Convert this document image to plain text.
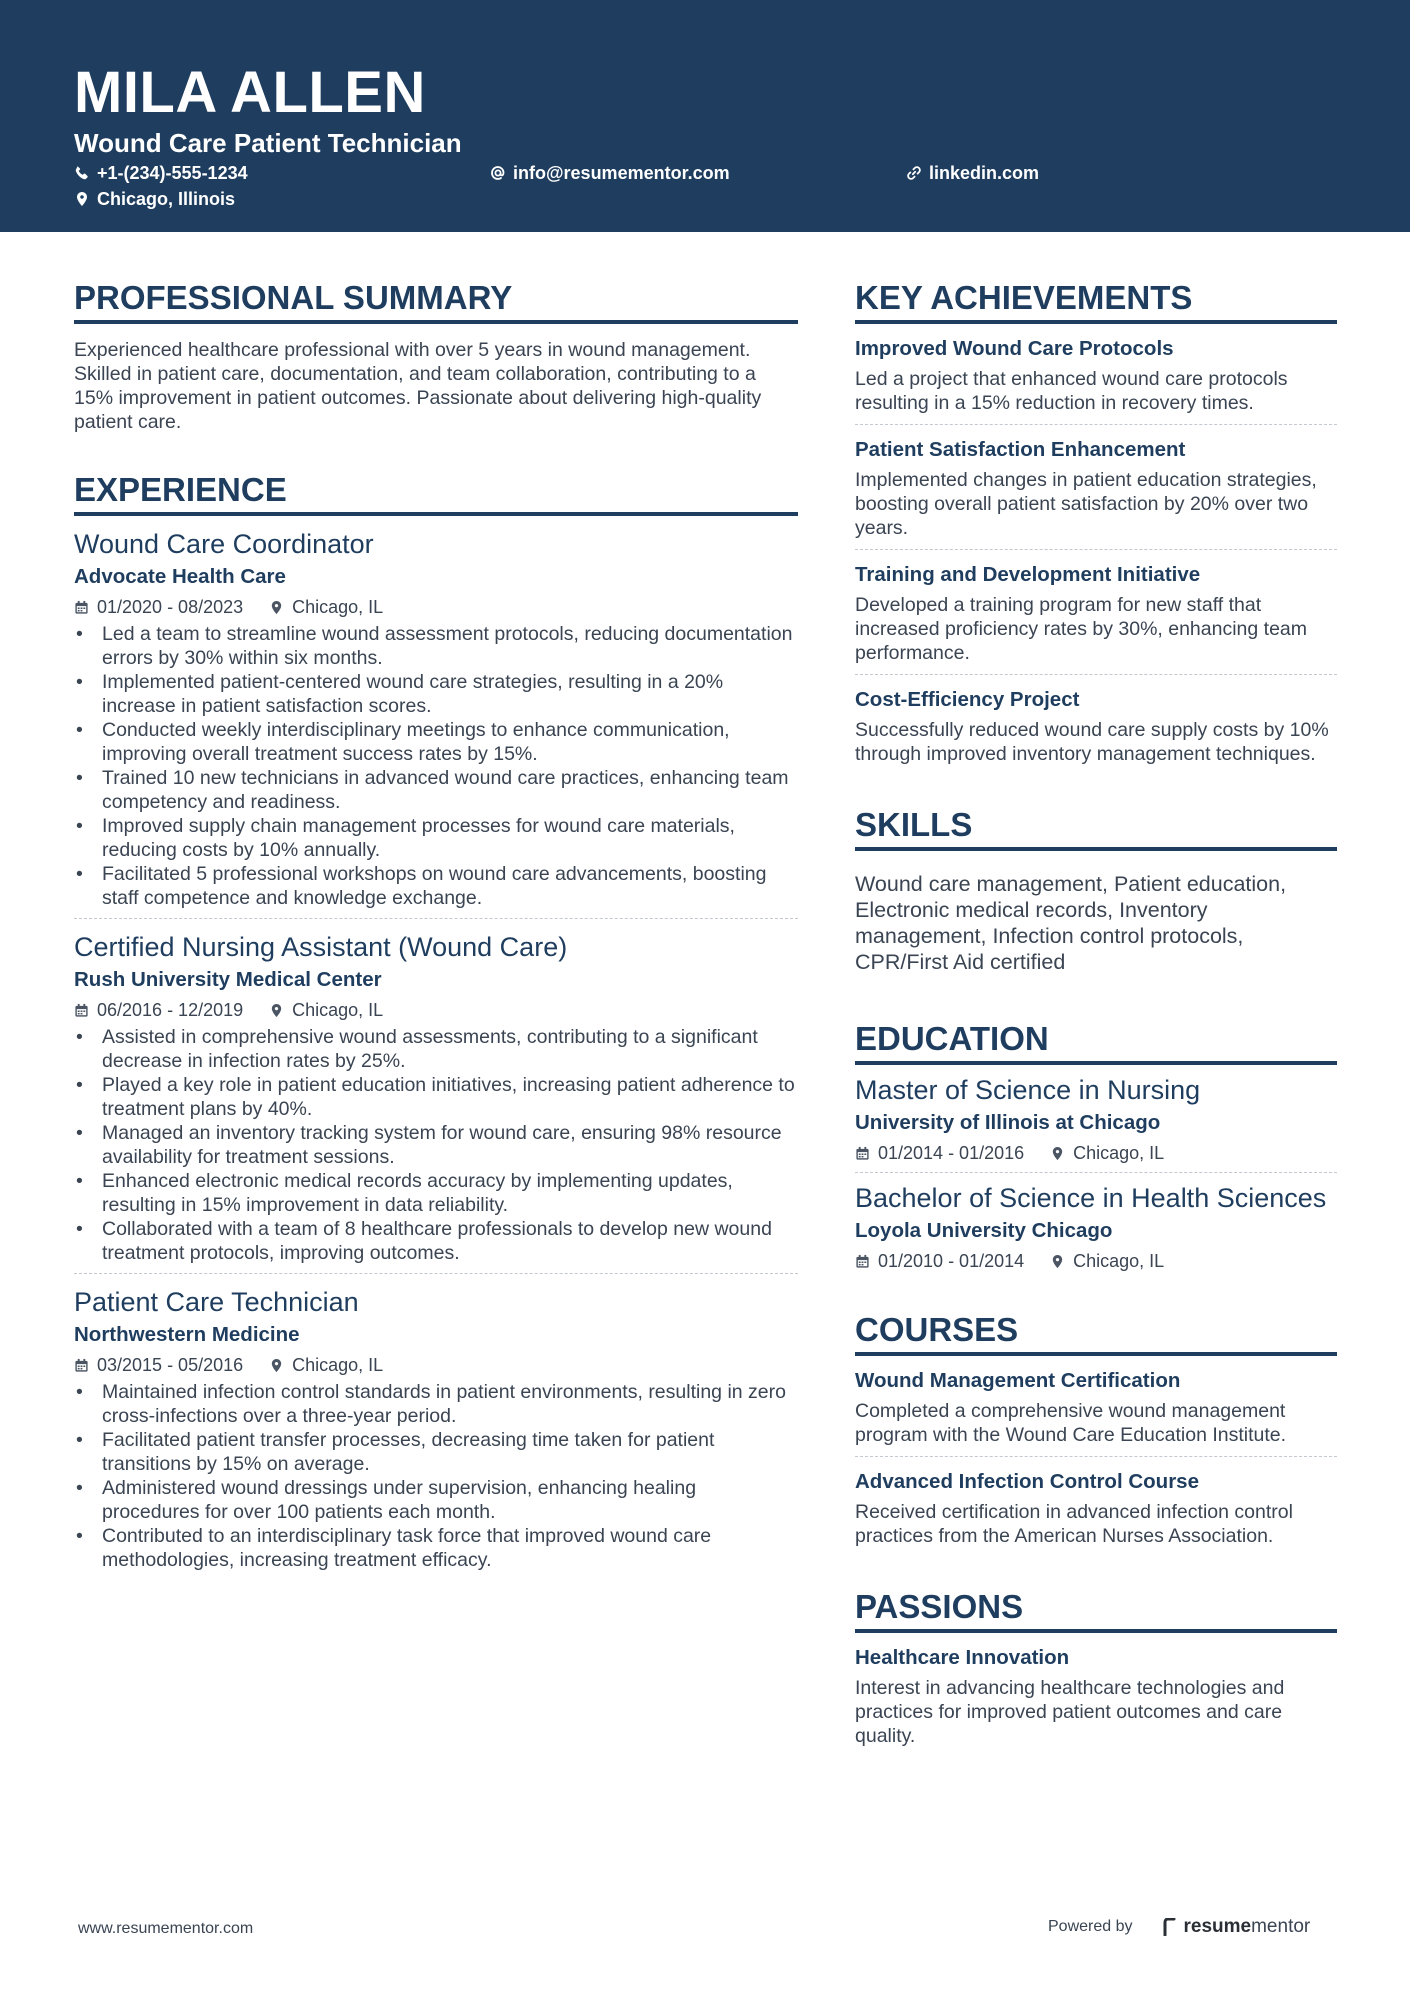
MILA ALLEN
Wound Care Patient Technician
+1-(234)-555-1234	info@resumementor.com	linkedin.com
Chicago, Illinois
PROFESSIONAL SUMMARY
Experienced healthcare professional with over 5 years in wound management. Skilled in patient care, documentation, and team collaboration, contributing to a 15% improvement in patient outcomes. Passionate about delivering high-quality patient care.
EXPERIENCE
Wound Care Coordinator
Advocate Health Care
01/2020 - 08/2023	Chicago, IL
• Led a team to streamline wound assessment protocols, reducing documentation errors by 30% within six months.
• Implemented patient-centered wound care strategies, resulting in a 20% increase in patient satisfaction scores.
• Conducted weekly interdisciplinary meetings to enhance communication, improving overall treatment success rates by 15%.
• Trained 10 new technicians in advanced wound care practices, enhancing team competency and readiness.
• Improved supply chain management processes for wound care materials, reducing costs by 10% annually.
• Facilitated 5 professional workshops on wound care advancements, boosting staff competence and knowledge exchange.
Certified Nursing Assistant (Wound Care)
Rush University Medical Center
06/2016 - 12/2019	Chicago, IL
• Assisted in comprehensive wound assessments, contributing to a significant decrease in infection rates by 25%.
• Played a key role in patient education initiatives, increasing patient adherence to treatment plans by 40%.
• Managed an inventory tracking system for wound care, ensuring 98% resource availability for treatment sessions.
• Enhanced electronic medical records accuracy by implementing updates, resulting in 15% improvement in data reliability.
• Collaborated with a team of 8 healthcare professionals to develop new wound treatment protocols, improving outcomes.
Patient Care Technician
Northwestern Medicine
03/2015 - 05/2016	Chicago, IL
• Maintained infection control standards in patient environments, resulting in zero cross-infections over a three-year period.
• Facilitated patient transfer processes, decreasing time taken for patient transitions by 15% on average.
• Administered wound dressings under supervision, enhancing healing procedures for over 100 patients each month.
• Contributed to an interdisciplinary task force that improved wound care methodologies, increasing treatment efficacy.
KEY ACHIEVEMENTS
Improved Wound Care Protocols
Led a project that enhanced wound care protocols resulting in a 15% reduction in recovery times.
Patient Satisfaction Enhancement
Implemented changes in patient education strategies, boosting overall patient satisfaction by 20% over two years.
Training and Development Initiative
Developed a training program for new staff that increased proficiency rates by 30%, enhancing team performance.
Cost-Efficiency Project
Successfully reduced wound care supply costs by 10% through improved inventory management techniques.
SKILLS
Wound care management, Patient education, Electronic medical records, Inventory management, Infection control protocols, CPR/First Aid certified
EDUCATION
Master of Science in Nursing
University of Illinois at Chicago
01/2014 - 01/2016	Chicago, IL
Bachelor of Science in Health Sciences
Loyola University Chicago
01/2010 - 01/2014	Chicago, IL
COURSES
Wound Management Certification
Completed a comprehensive wound management program with the Wound Care Education Institute.
Advanced Infection Control Course
Received certification in advanced infection control practices from the American Nurses Association.
PASSIONS
Healthcare Innovation
Interest in advancing healthcare technologies and practices for improved patient outcomes and care quality.
www.resumementor.com	Powered by	resume mentor
